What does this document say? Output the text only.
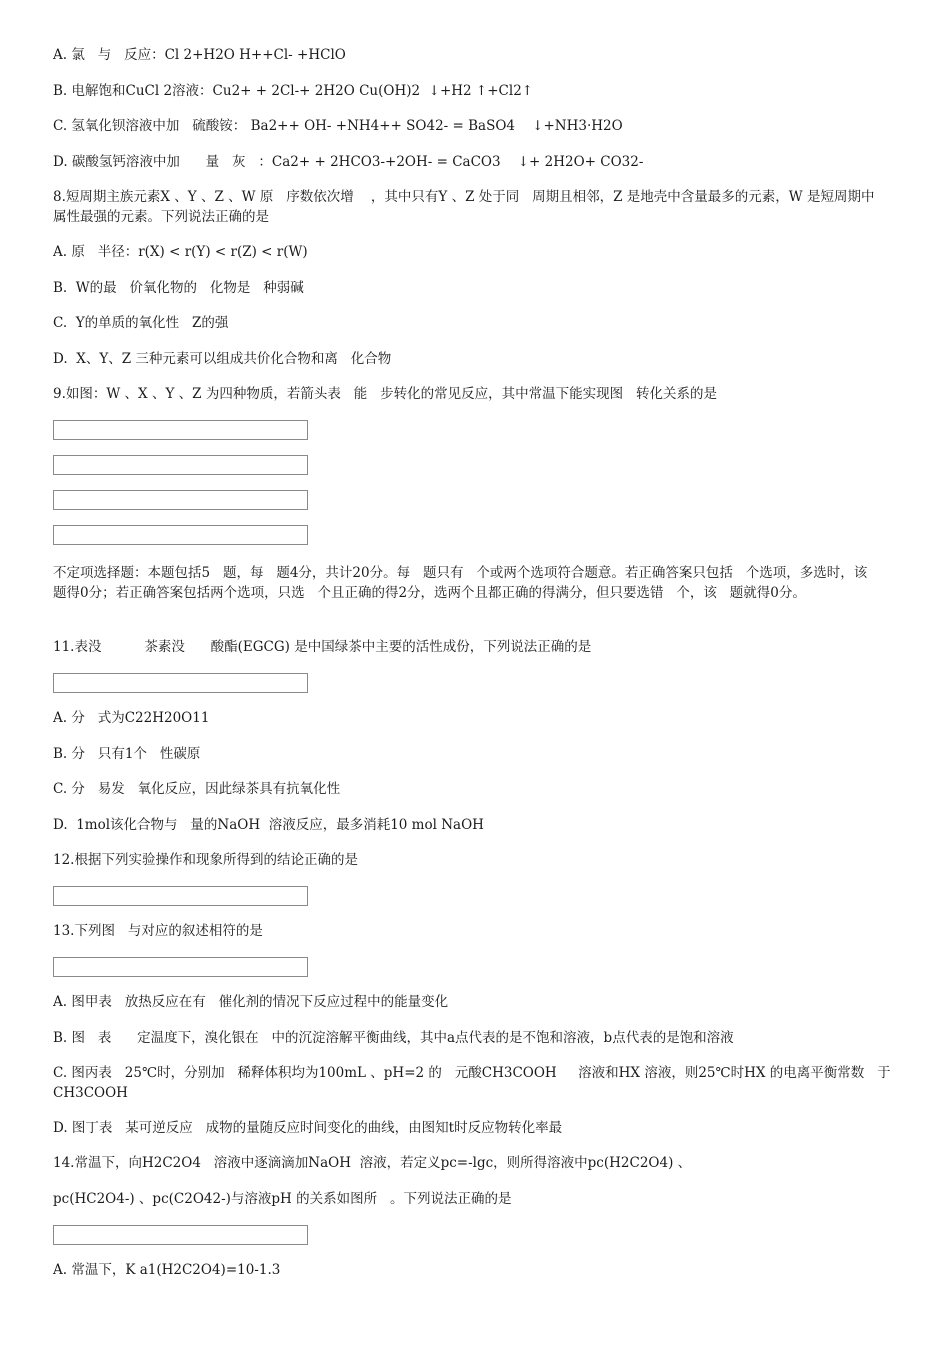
A. 氯   与   反应：Cl 2+H2O H++Cl- +HClO
B. 电解饱和CuCl 2溶液：Cu2+ + 2Cl-+ 2H2O Cu(OH)2  ↓+H2 ↑+Cl2↑
C. 氢氧化钡溶液中加   硫酸铵： Ba2++ OH- +NH4++ SO42- = BaSO4    ↓+NH3·H2O
D. 碳酸氢钙溶液中加      量   灰   ：Ca2+ + 2HCO3-+2OH- = CaCO3    ↓+ 2H2O+ CO32-
8.短周期主族元素X 、Y 、Z 、W 原   序数依次增    ，其中只有Y 、Z 处于同   周期且相邻，Z 是地壳中含量最多的元素，W 是短周期中   属性最强的元素。下列说法正确的是
A. 原   半径：r(X) < r(Y) < r(Z) < r(W)
B.  W的最   价氧化物的   化物是   种弱碱
C.  Y的单质的氧化性   Z的强
D.  X、Y、Z 三种元素可以组成共价化合物和离   化合物
9.如图：W 、X 、Y 、Z 为四种物质，若箭头表   能   步转化的常见反应，其中常温下能实现图   转化关系的是
不定项选择题：本题包括5   题，每   题4分，共计20分。每   题只有   个或两个选项符合题意。若正确答案只包括   个选项，多选时，该   题得0分；若正确答案包括两个选项，只选   个且正确的得2分，选两个且都正确的得满分，但只要选错   个，该   题就得0分。
11.表没          茶素没      酸酯(EGCG) 是中国绿茶中主要的活性成份，下列说法正确的是
A. 分   式为C22H20O11
B. 分   只有1个   性碳原
C. 分   易发   氧化反应，因此绿茶具有抗氧化性
D.  1mol该化合物与   量的NaOH  溶液反应，最多消耗10 mol NaOH
12.根据下列实验操作和现象所得到的结论正确的是
13.下列图   与对应的叙述相符的是
A. 图甲表   放热反应在有   催化剂的情况下反应过程中的能量变化
B. 图   表      定温度下，溴化银在   中的沉淀溶解平衡曲线，其中a点代表的是不饱和溶液，b点代表的是饱和溶液
C. 图丙表   25℃时，分别加   稀释体积均为100mL 、pH=2 的   元酸CH3COOH     溶液和HX 溶液，则25℃时HX 的电离平衡常数   于CH3COOH
D. 图丁表   某可逆反应   成物的量随反应时间变化的曲线，由图知t时反应物转化率最
14.常温下，向H2C2O4   溶液中逐滴滴加NaOH  溶液，若定义pc=-lgc，则所得溶液中pc(H2C2O4) 、
pc(HC2O4-) 、pc(C2O42-)与溶液pH 的关系如图所   。下列说法正确的是
A. 常温下，K a1(H2C2O4)=10-1.3
